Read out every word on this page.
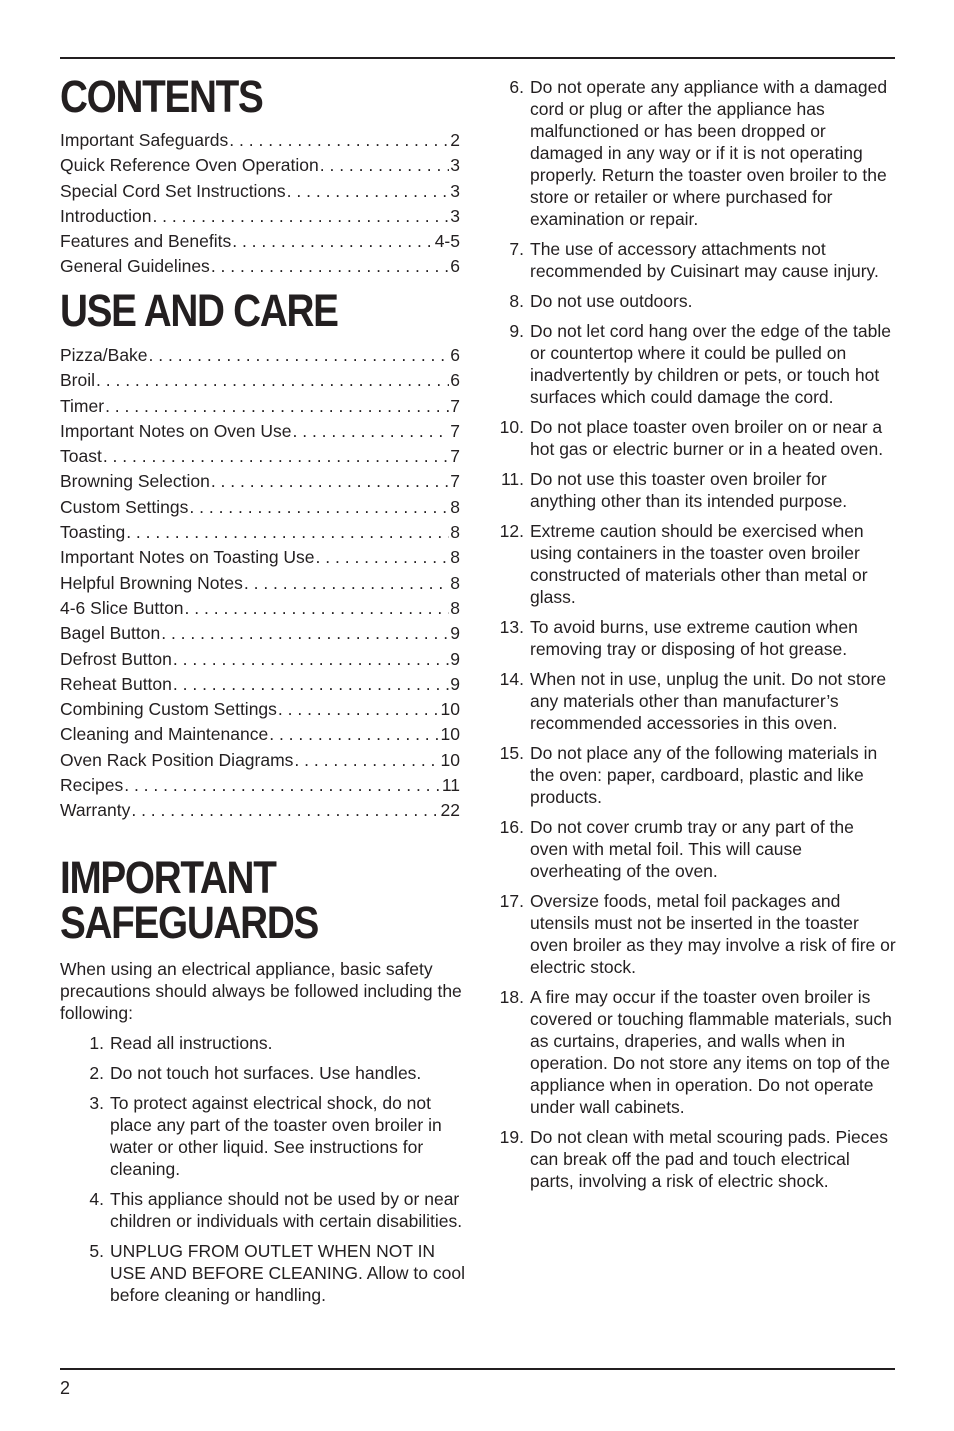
CONTENTS
Important Safeguards . . .	2
Quick Reference Oven Operation . . .	3
Special Cord Set Instructions . . .	3
Introduction . . .	3
Features and Benefits . . .	4-5
General Guidelines . . .	6
USE AND CARE
Pizza/Bake . . .	6
Broil . . .	6
Timer . . .	7
Important Notes on Oven Use . . .	7
Toast . . .	7
Browning Selection . . .	7
Custom Settings . . .	8
Toasting . . .	8
Important Notes on Toasting Use . . .	8
Helpful Browning Notes . . .	8
4-6 Slice Button . . .	8
Bagel Button . . .	9
Defrost Button . . .	9
Reheat Button . . .	9
Combining Custom Settings . . .	10
Cleaning and Maintenance . . .	10
Oven Rack Position Diagrams . . .	10
Recipes . . .	11
Warranty . . .	22
IMPORTANT
SAFEGUARDS

When using an electrical appliance, basic safety precautions should always be followed including the following:

1. Read all instructions.
2. Do not touch hot surfaces. Use handles.
3. To protect against electrical shock, do not place any part of the toaster oven broiler in water or other liquid. See instructions for cleaning.
4. This appliance should not be used by or near children or individuals with certain disabilities.
5. UNPLUG FROM OUTLET WHEN NOT IN USE AND BEFORE CLEANING. Allow to cool before cleaning or handling.
6. Do not operate any appliance with a damaged cord or plug or after the appliance has malfunctioned or has been dropped or damaged in any way or if it is not operating properly. Return the toaster oven broiler to the store or retailer or where purchased for examination or repair.
7. The use of accessory attachments not recommended by Cuisinart may cause injury.
8. Do not use outdoors.
9. Do not let cord hang over the edge of the table or countertop where it could be pulled on inadvertently by children or pets, or touch hot surfaces which could damage the cord.
10. Do not place toaster oven broiler on or near a hot gas or electric burner or in a heated oven.
11. Do not use this toaster oven broiler for anything other than its intended purpose.
12. Extreme caution should be exercised when using containers in the toaster oven broiler constructed of materials other than metal or glass.
13. To avoid burns, use extreme caution when removing tray or disposing of hot grease.
14. When not in use, unplug the unit. Do not store any materials other than manufacturer’s recommended accessories in this oven.
15. Do not place any of the following materials in the oven: paper, cardboard, plastic and like products.
16. Do not cover crumb tray or any part of the oven with metal foil. This will cause overheating of the oven.
17. Oversize foods, metal foil packages and utensils must not be inserted in the toaster oven broiler as they may involve a risk of fire or electric stock.
18. A fire may occur if the toaster oven broiler is covered or touching flammable materials, such as curtains, draperies, and walls when in operation. Do not store any items on top of the appliance when in operation. Do not operate under wall cabinets.
19. Do not clean with metal scouring pads. Pieces can break off the pad and touch electrical parts, involving a risk of electric shock.
2
